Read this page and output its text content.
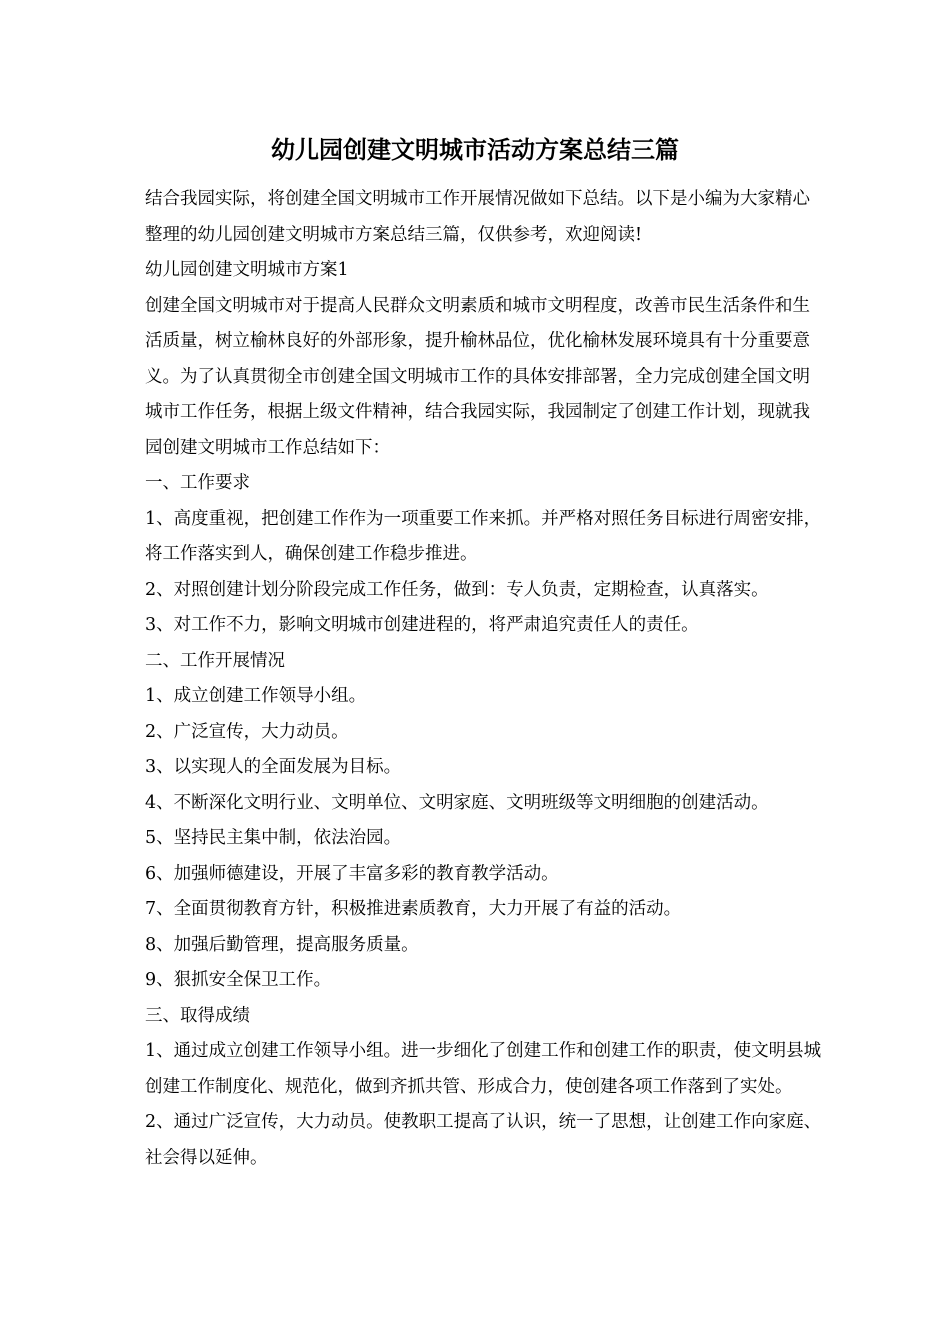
幼儿园创建文明城市活动方案总结三篇

结合我园实际，将创建全国文明城市工作开展情况做如下总结。以下是小编为大家精心整理的幼儿园创建文明城市方案总结三篇，仅供参考，欢迎阅读!

幼儿园创建文明城市方案1

创建全国文明城市对于提高人民群众文明素质和城市文明程度，改善市民生活条件和生活质量，树立榆林良好的外部形象，提升榆林品位，优化榆林发展环境具有十分重要意义。为了认真贯彻全市创建全国文明城市工作的具体安排部署，全力完成创建全国文明城市工作任务，根据上级文件精神，结合我园实际，我园制定了创建工作计划，现就我园创建文明城市工作总结如下：

一、工作要求

1、高度重视，把创建工作作为一项重要工作来抓。并严格对照任务目标进行周密安排，将工作落实到人，确保创建工作稳步推进。

2、对照创建计划分阶段完成工作任务，做到：专人负责，定期检查，认真落实。

3、对工作不力，影响文明城市创建进程的，将严肃追究责任人的责任。

二、工作开展情况

1、成立创建工作领导小组。

2、广泛宣传，大力动员。

3、以实现人的全面发展为目标。

4、不断深化文明行业、文明单位、文明家庭、文明班级等文明细胞的创建活动。

5、坚持民主集中制，依法治园。

6、加强师德建设，开展了丰富多彩的教育教学活动。

7、全面贯彻教育方针，积极推进素质教育，大力开展了有益的活动。

8、加强后勤管理，提高服务质量。

9、狠抓安全保卫工作。

三、取得成绩

1、通过成立创建工作领导小组。进一步细化了创建工作和创建工作的职责，使文明县城创建工作制度化、规范化，做到齐抓共管、形成合力，使创建各项工作落到了实处。

2、通过广泛宣传，大力动员。使教职工提高了认识，统一了思想，让创建工作向家庭、社会得以延伸。
